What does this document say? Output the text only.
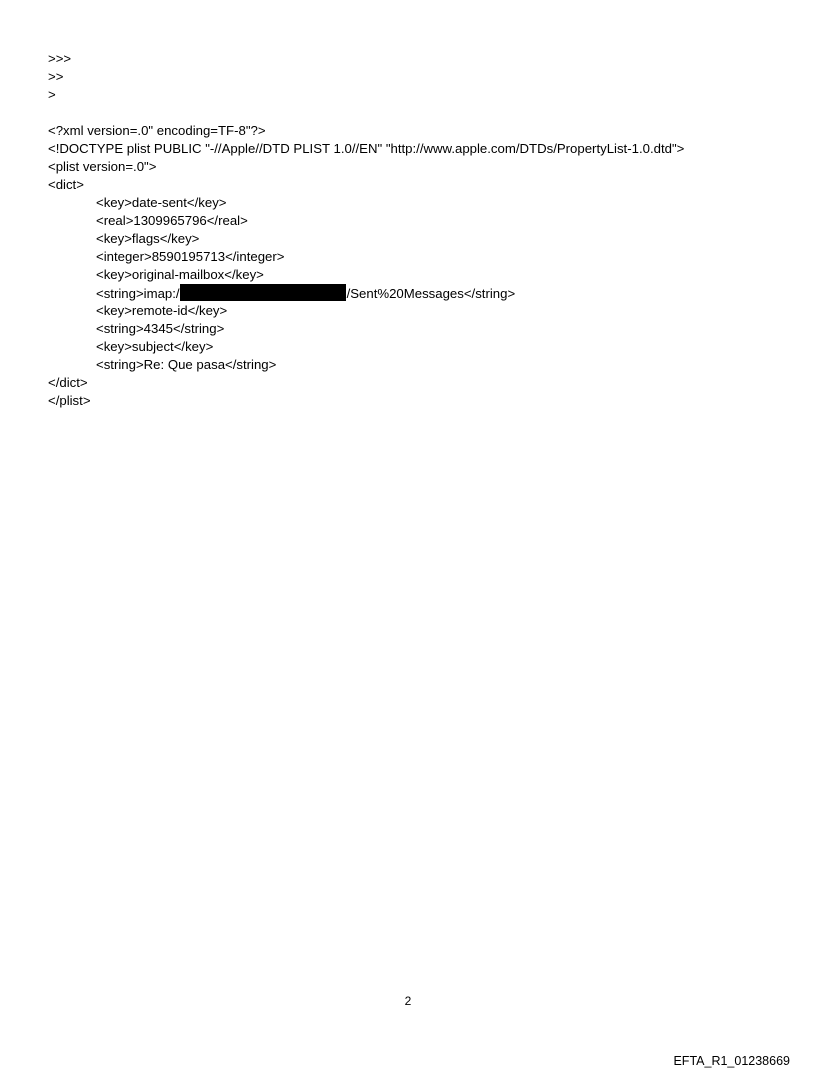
>>>
>>
>
<?xml version=.0" encoding=TF-8"?>
<!DOCTYPE plist PUBLIC "-//Apple//DTD PLIST 1.0//EN" "http://www.apple.com/DTDs/PropertyList-1.0.dtd">
<plist version=.0">
<dict>
<key>date-sent</key>
<real>1309965796</real>
<key>flags</key>
<integer>8590195713</integer>
<key>original-mailbox</key>
<string>imap:/	/Sent%20Messages</string>
<key>remote-id</key>
<string>4345</string>
<key>subject</key>
<string>Re: Que pasa</string>
</dict>
</plist>
2
EFTA_R1_01238669
